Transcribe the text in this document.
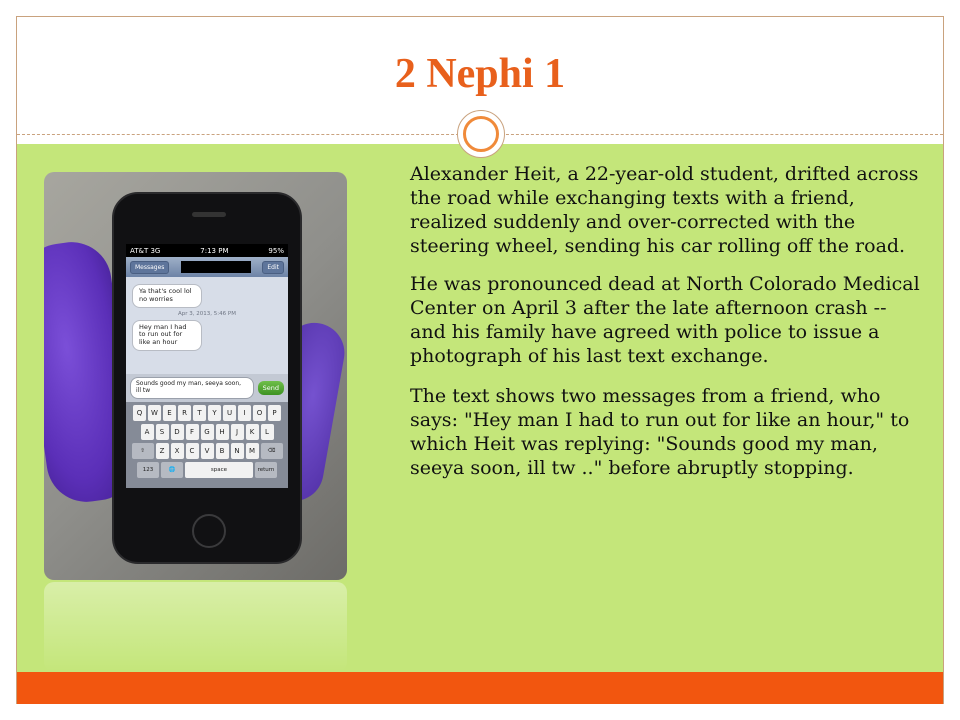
2 Nephi 1
AT&T 3G	7:13 PM	95%
Messages	Edit
Ya that's cool lol no worries
Apr 3, 2013, 5:46 PM
Hey man I had to run out for like an hour
Sounds good my man, seeya soon, ill tw	Send
Q	W	E	R	T	Y	U	I	O	P
A	S	D	F	G	H	J	K	L
⇧	Z	X	C	V	B	N	M	⌫
123	🌐	space	return

Alexander Heit, a 22-year-old student, drifted across the road while exchanging texts with a friend, realized suddenly and over-corrected with the steering wheel, sending his car rolling off the road.

He was pronounced dead at North Colorado Medical Center on April 3 after the late afternoon crash -- and his family have agreed with police to issue a photograph of his last text exchange.

The text shows two messages from a friend, who says: "Hey man I had to run out for like an hour," to which Heit was replying: "Sounds good my man, seeya soon, ill tw .." before abruptly stopping.
